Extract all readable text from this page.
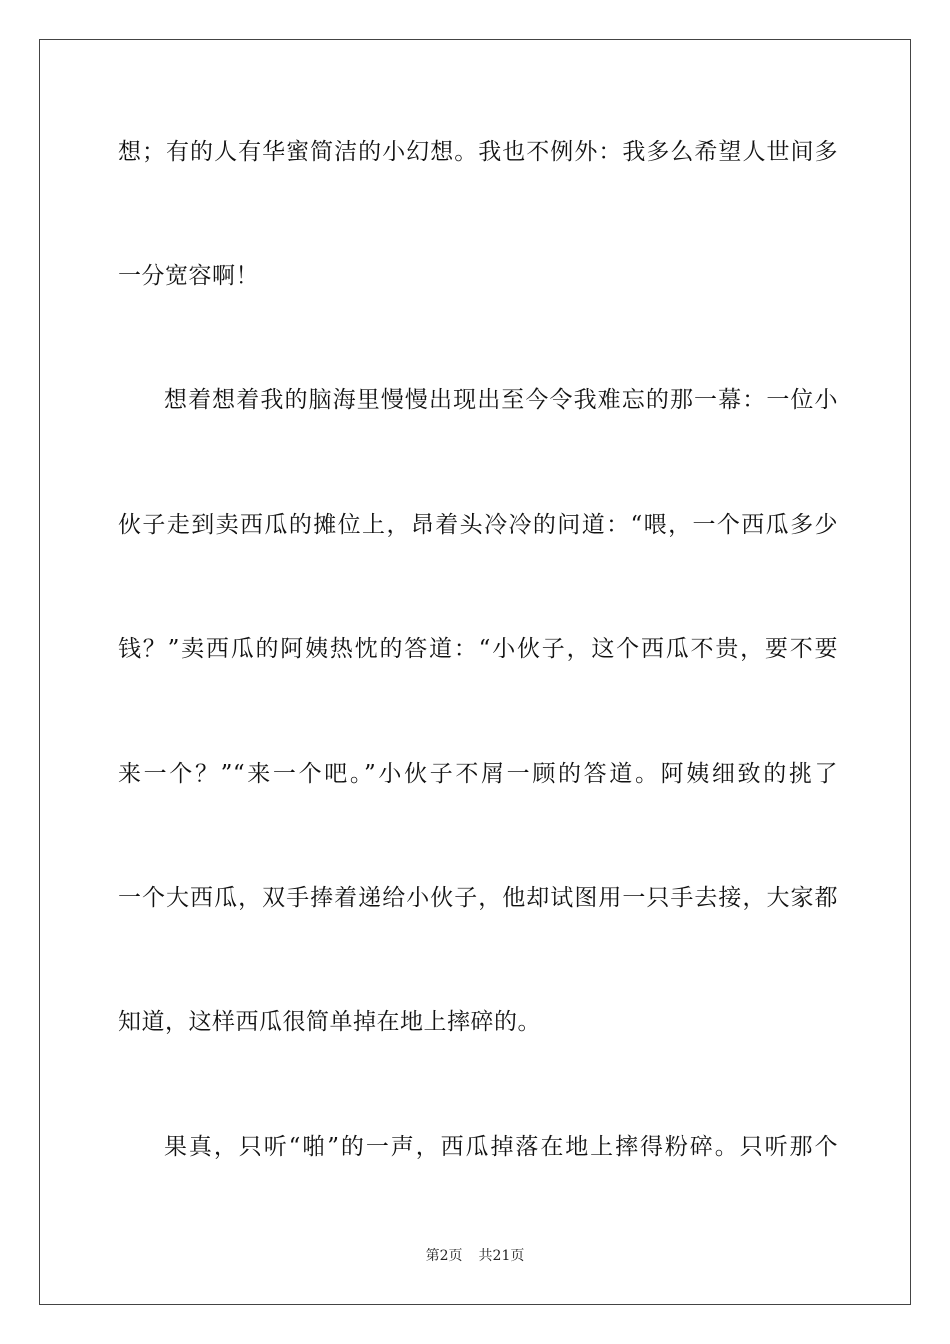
想；有的人有华蜜简洁的小幻想。我也不例外：我多么希望人世间多
一分宽容啊！
想着想着我的脑海里慢慢出现出至今令我难忘的那一幕：一位小
伙子走到卖西瓜的摊位上，昂着头冷冷的问道：“喂，一个西瓜多少
钱？”卖西瓜的阿姨热忱的答道：“小伙子，这个西瓜不贵，要不要
来一个？”“来一个吧。”小伙子不屑一顾的答道。阿姨细致的挑了
一个大西瓜，双手捧着递给小伙子，他却试图用一只手去接，大家都
知道，这样西瓜很简单掉在地上摔碎的。
果真，只听“啪”的一声，西瓜掉落在地上摔得粉碎。只听那个
第2页 共21页
